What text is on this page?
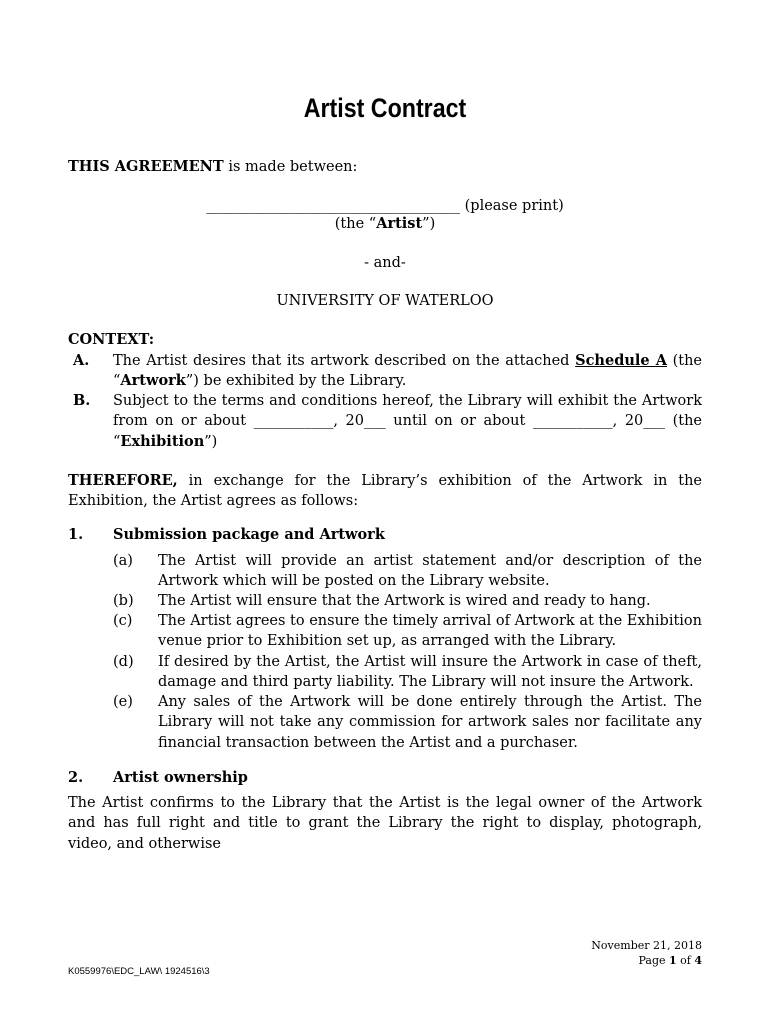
Artist Contract
THIS AGREEMENT is made between:
___________________________________ (please print)
(the “Artist”)
- and-
UNIVERSITY OF WATERLOO
CONTEXT:
A. The Artist desires that its artwork described on the attached Schedule A (the “Artwork”) be exhibited by the Library.
B. Subject to the terms and conditions hereof, the Library will exhibit the Artwork from on or about ___________, 20___ until on or about ___________, 20___ (the “Exhibition”)
THEREFORE, in exchange for the Library’s exhibition of the Artwork in the Exhibition, the Artist agrees as follows:
1. Submission package and Artwork
(a) The Artist will provide an artist statement and/or description of the Artwork which will be posted on the Library website.
(b) The Artist will ensure that the Artwork is wired and ready to hang.
(c) The Artist agrees to ensure the timely arrival of Artwork at the Exhibition venue prior to Exhibition set up, as arranged with the Library.
(d) If desired by the Artist, the Artist will insure the Artwork in case of theft, damage and third party liability. The Library will not insure the Artwork.
(e) Any sales of the Artwork will be done entirely through the Artist. The Library will not take any commission for artwork sales nor facilitate any financial transaction between the Artist and a purchaser.
2. Artist ownership
The Artist confirms to the Library that the Artist is the legal owner of the Artwork and has full right and title to grant the Library the right to display, photograph, video, and otherwise
November 21, 2018
Page 1 of 4
K0559976\EDC_LAW\ 1924516\3
